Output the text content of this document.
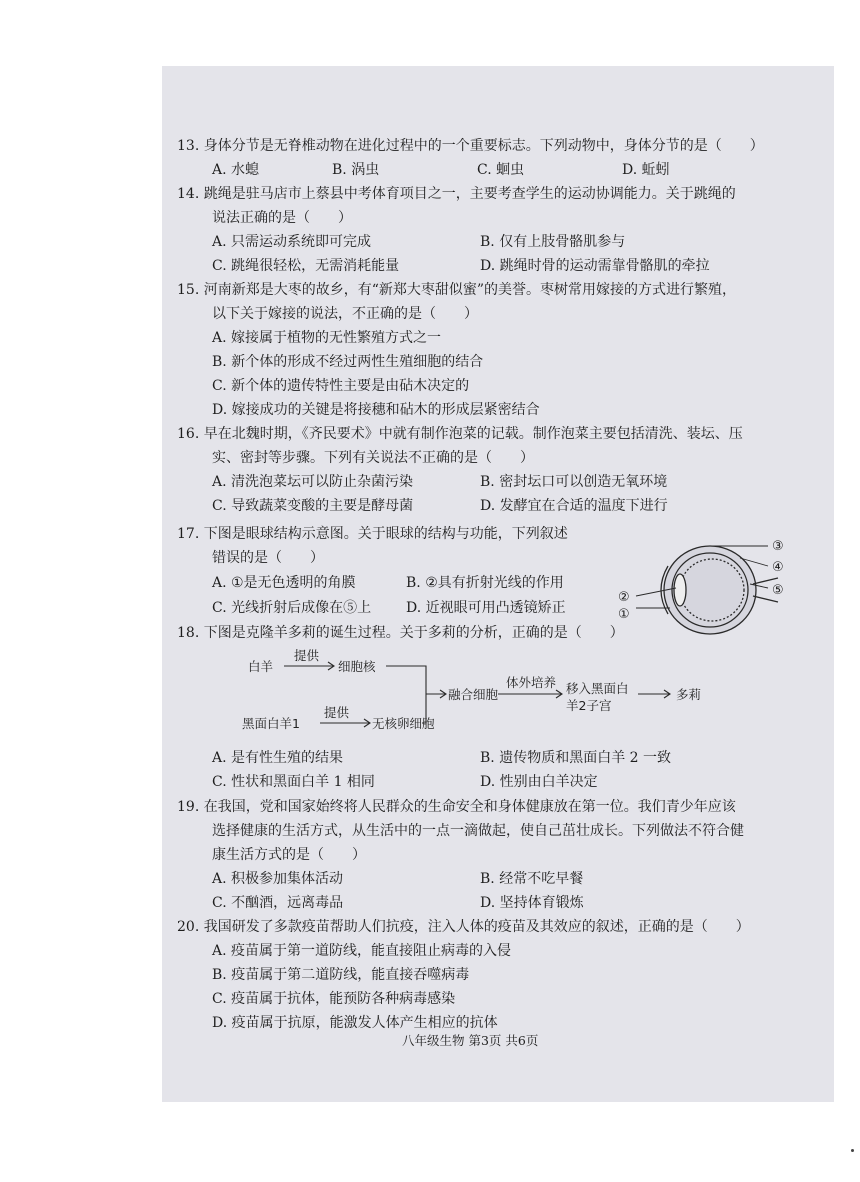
13. 身体分节是无脊椎动物在进化过程中的一个重要标志。下列动物中，身体分节的是（　　）
A. 水螅	B. 涡虫	C. 蛔虫	D. 蚯蚓
14. 跳绳是驻马店市上蔡县中考体育项目之一，主要考查学生的运动协调能力。关于跳绳的
说法正确的是（　　）
A. 只需运动系统即可完成	B. 仅有上肢骨骼肌参与
C. 跳绳很轻松，无需消耗能量	D. 跳绳时骨的运动需靠骨骼肌的牵拉
15. 河南新郑是大枣的故乡，有“新郑大枣甜似蜜”的美誉。枣树常用嫁接的方式进行繁殖，
以下关于嫁接的说法，不正确的是（　　）
A. 嫁接属于植物的无性繁殖方式之一
B. 新个体的形成不经过两性生殖细胞的结合
C. 新个体的遗传特性主要是由砧木决定的
D. 嫁接成功的关键是将接穗和砧木的形成层紧密结合
16. 早在北魏时期，《齐民要术》中就有制作泡菜的记载。制作泡菜主要包括清洗、装坛、压
实、密封等步骤。下列有关说法不正确的是（　　）
A. 清洗泡菜坛可以防止杂菌污染	B. 密封坛口可以创造无氧环境
C. 导致蔬菜变酸的主要是酵母菌	D. 发酵宜在合适的温度下进行
17. 下图是眼球结构示意图。关于眼球的结构与功能，下列叙述
错误的是（　　）
A. ①是无色透明的角膜	B. ②具有折射光线的作用
C. 光线折射后成像在⑤上 D. 近视眼可用凸透镜矫正
③
④
⑤
②
①
18. 下图是克隆羊多莉的诞生过程。关于多莉的分析，正确的是（　　）
白羊
提供
细胞核
黑面白羊1
提供
无核卵细胞
融合细胞
体外培养 移入黑面白
羊2子宫
多莉
A. 是有性生殖的结果	B. 遗传物质和黑面白羊 2 一致
C. 性状和黑面白羊 1 相同	D. 性别由白羊决定
19. 在我国，党和国家始终将人民群众的生命安全和身体健康放在第一位。我们青少年应该
选择健康的生活方式，从生活中的一点一滴做起，使自己茁壮成长。下列做法不符合健
康生活方式的是（　　）
A. 积极参加集体活动	B. 经常不吃早餐
C. 不酗酒，远离毒品	D. 坚持体育锻炼
20. 我国研发了多款疫苗帮助人们抗疫，注入人体的疫苗及其效应的叙述，正确的是（　　）
A. 疫苗属于第一道防线，能直接阻止病毒的入侵
B. 疫苗属于第二道防线，能直接吞噬病毒
C. 疫苗属于抗体，能预防各种病毒感染
D. 疫苗属于抗原，能激发人体产生相应的抗体
八年级生物 第3页 共6页
